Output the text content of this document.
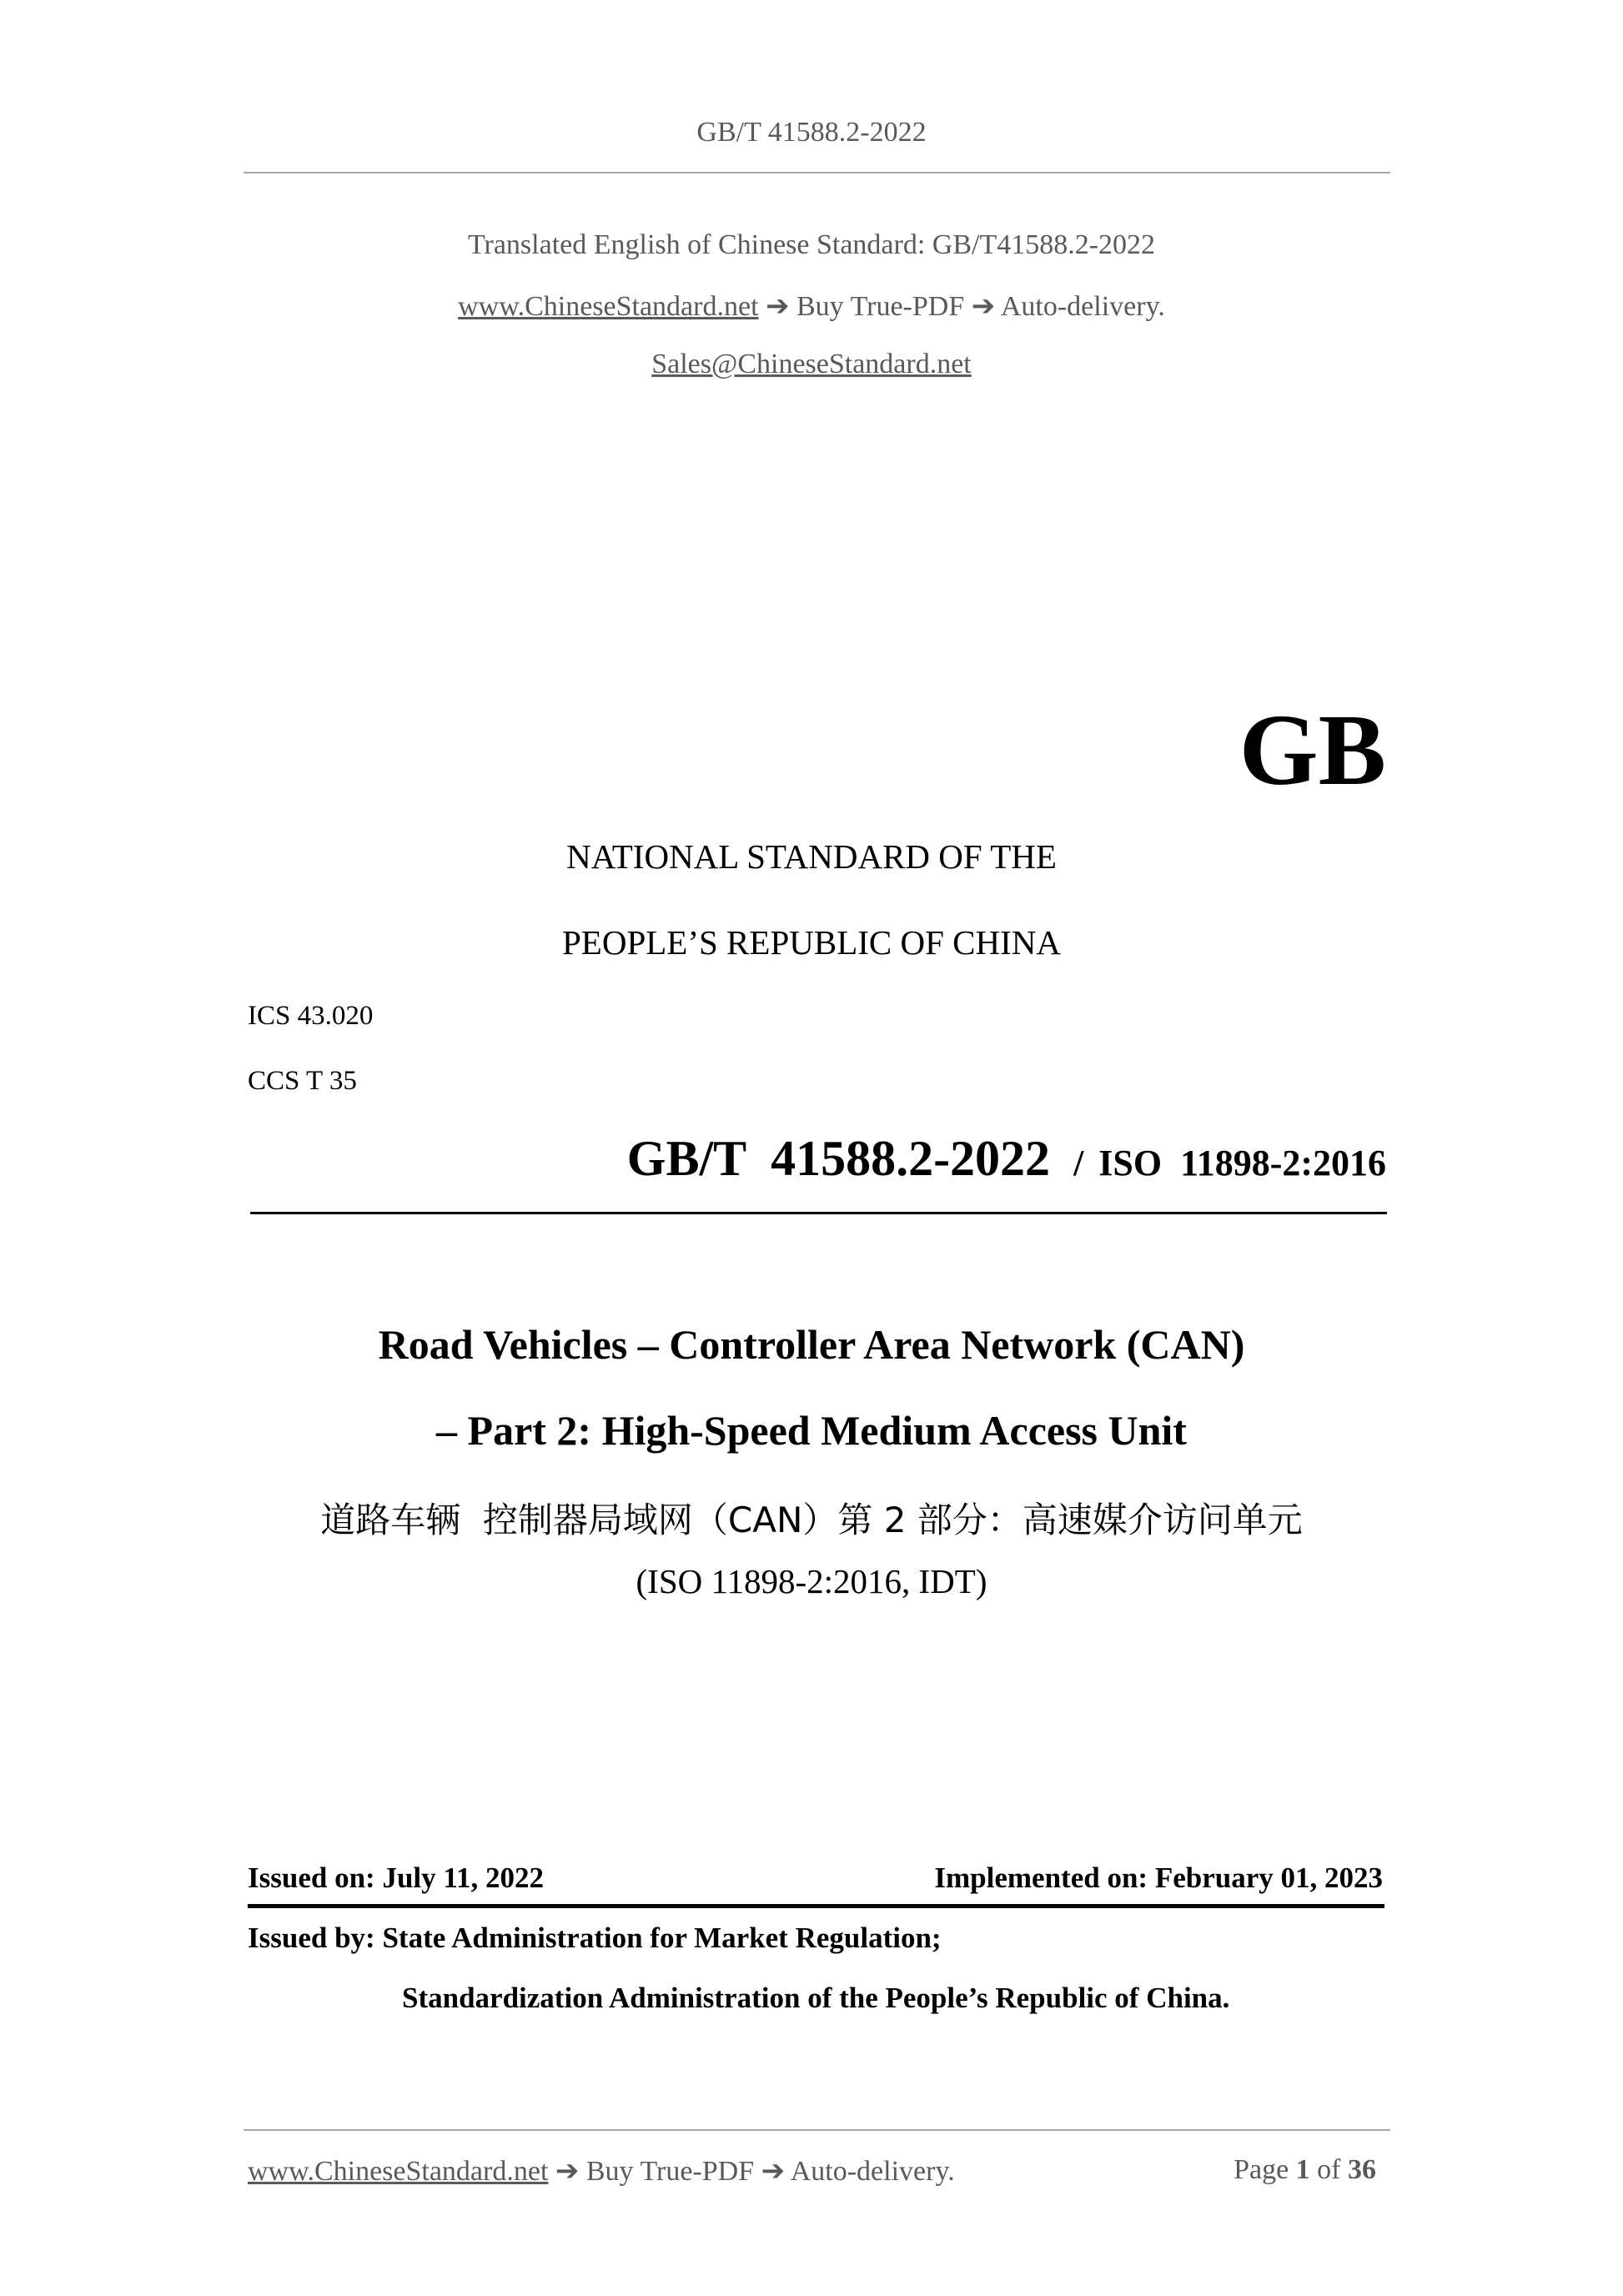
GB/T 41588.2-2022
Translated English of Chinese Standard: GB/T41588.2-2022
www.ChineseStandard.net ➔ Buy True-PDF ➔ Auto-delivery.
Sales@ChineseStandard.net
GB
NATIONAL STANDARD OF THE
PEOPLE’S REPUBLIC OF CHINA
ICS 43.020
CCS T 35
GB/T  41588.2-2022 / ISO  11898-2:2016
Road Vehicles – Controller Area Network (CAN)
– Part 2: High-Speed Medium Access Unit
道路车辆  控制器局域网（CAN）第 2 部分：高速媒介访问单元
(ISO 11898-2:2016, IDT)
Issued on: July 11, 2022	Implemented on: February 01, 2023
Issued by: State Administration for Market Regulation;
Standardization Administration of the People’s Republic of China.
www.ChineseStandard.net ➔ Buy True-PDF ➔ Auto-delivery.	Page 1 of 36
